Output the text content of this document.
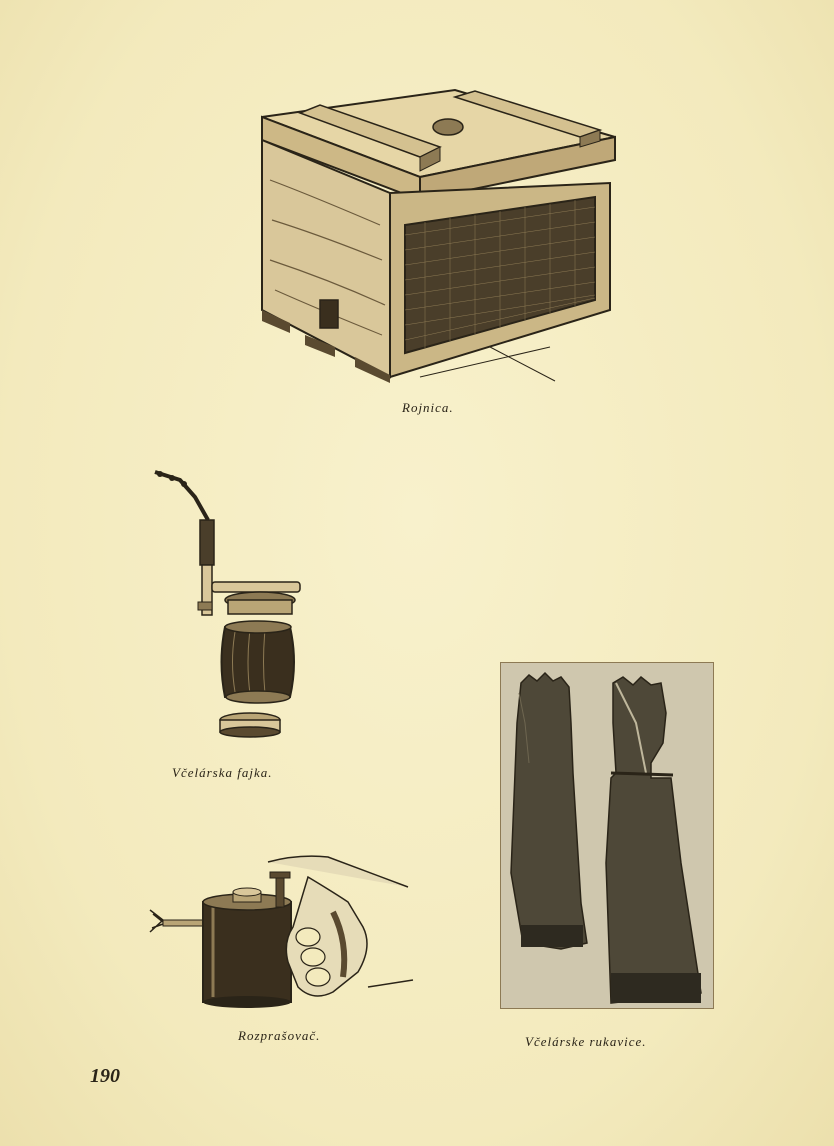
Rojnica.
Včelárska fajka.
Včelárske rukavice.
Rozprašovač.
190
